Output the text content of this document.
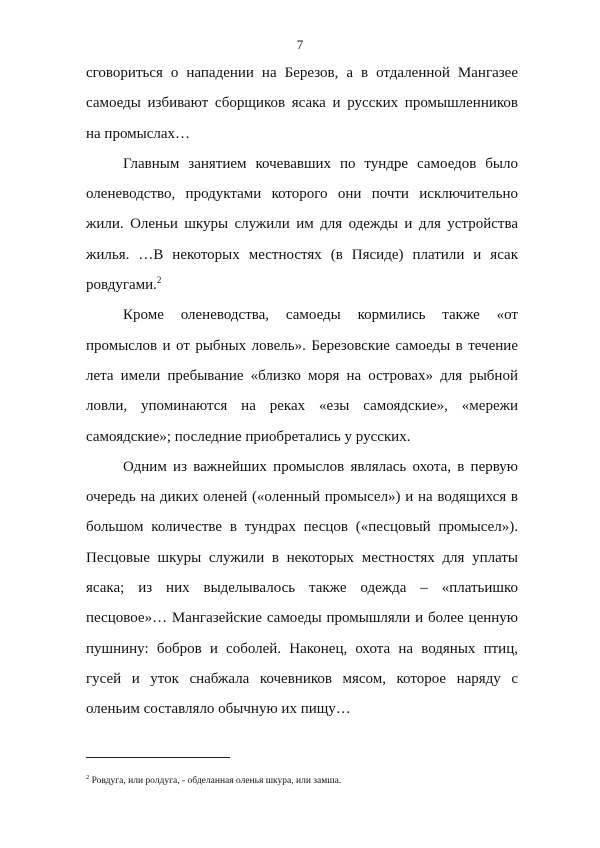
7

сговориться о нападении на Березов, а в отдаленной Мангазее самоеды избивают сборщиков ясака и русских промышленников на промыслах…

Главным занятием кочевавших по тундре самоедов было оленеводство, продуктами которого они почти исключительно жили. Оленьи шкуры служили им для одежды и для устройства жилья. …В некоторых местностях (в Пясиде) платили и ясак ровдугами.$^2$

Кроме оленеводства, самоеды кормились также «от промыслов и от рыбных ловель». Березовские самоеды в течение лета имели пребывание «близко моря на островах» для рыбной ловли, упоминаются на реках «езы самоядские», «мережи самоядские»; последние приобретались у русских.

Одним из важнейших промыслов являлась охота, в первую очередь на диких оленей («оленный промысел») и на водящихся в большом количестве в тундрах песцов («песцовый промысел»). Песцовые шкуры служили в некоторых местностях для уплаты ясака; из них выделывалось также одежда – «платьишко песцовое»… Мангазейские самоеды промышляли и более ценную пушнину: бобров и соболей. Наконец, охота на водяных птиц, гусей и уток снабжала кочевников мясом, которое наряду с оленьим составляло обычную их пищу…

$^2$ Ровдуга, или ролдуга, - обделанная оленья шкура, или замша.
